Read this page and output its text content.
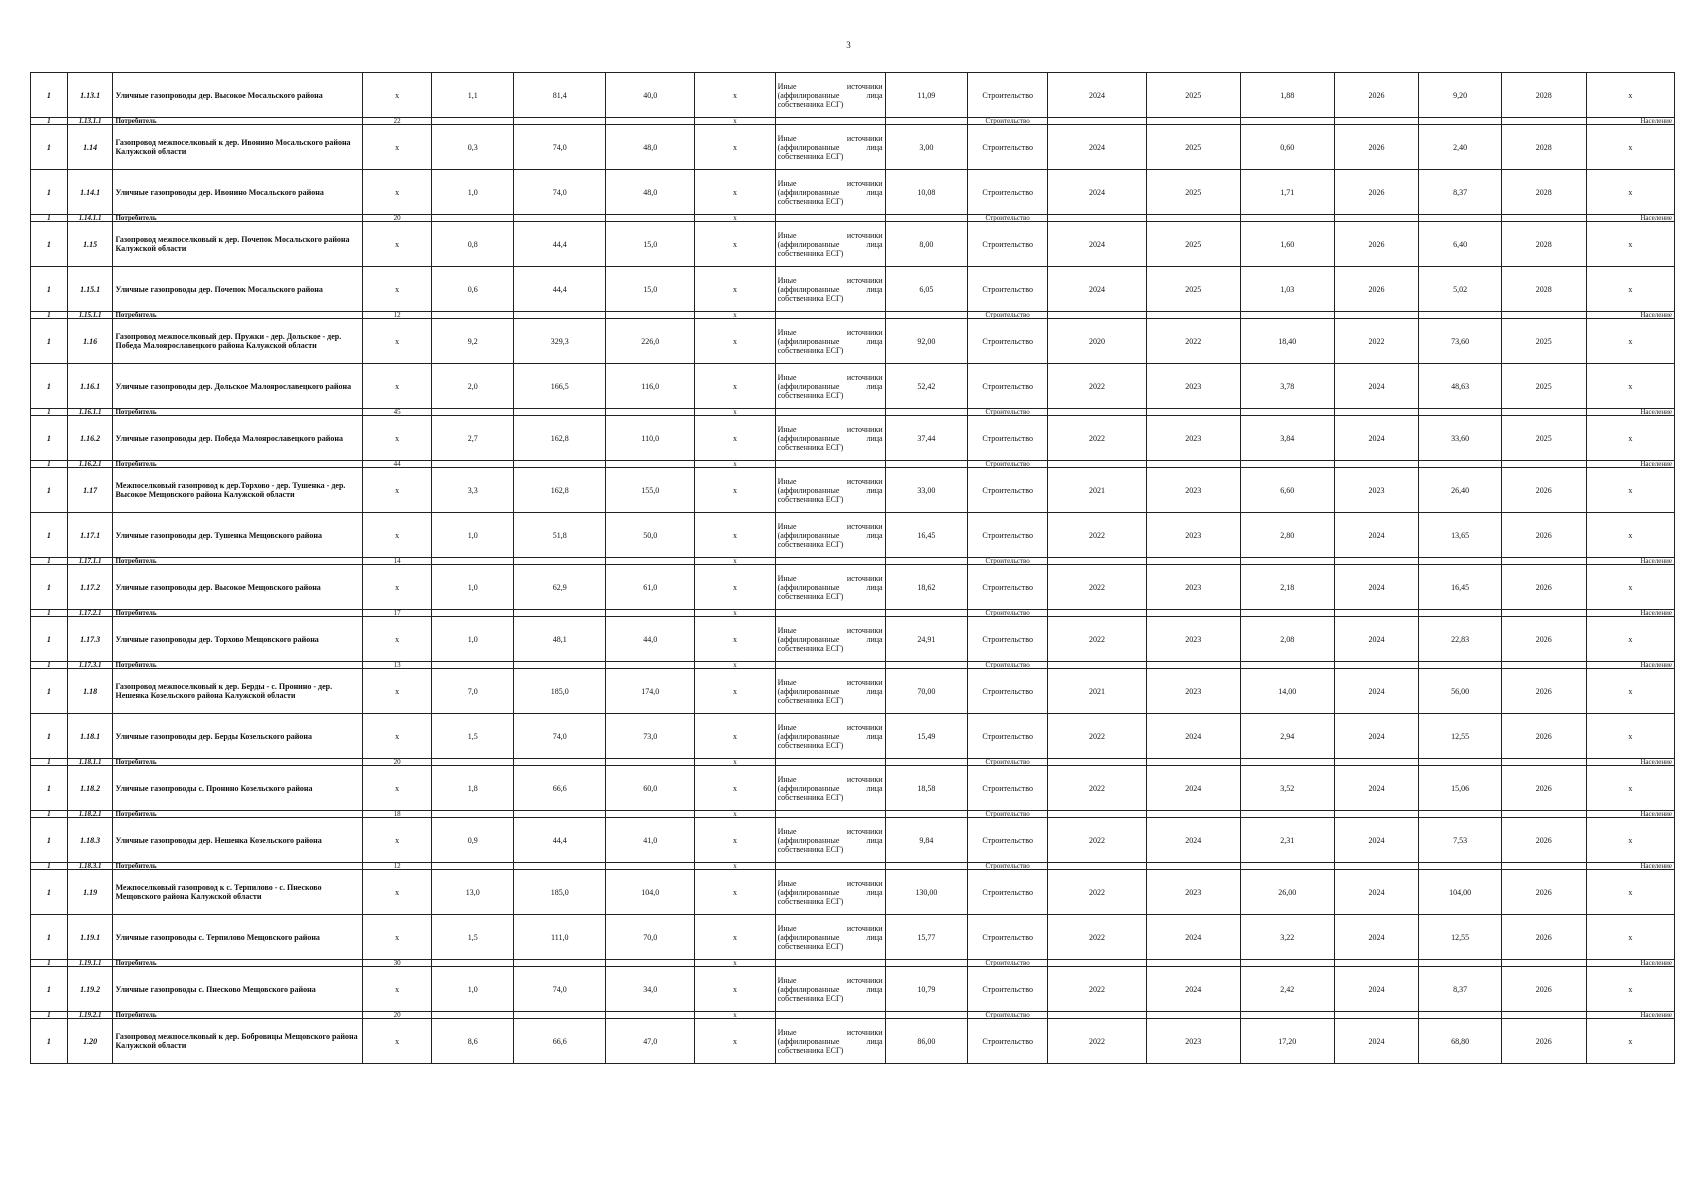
3
1	1.13.1	Уличные газопроводы дер. Высокое Мосальского района	x	1,1	81,4	40,0	x	Иные источники (аффилированные лица собственника ЕСГ)	11,09	Строительство	2024	2025	1,88	2026	9,20	2028	x
1	1.13.1.1	Потребитель	22				x			Строительство							Население
1	1.14	Газопровод межпоселковый к дер. Ивонино Мосальского района Калужской области	x	0,3	74,0	48,0	x	Иные источники (аффилированные лица собственника ЕСГ)	3,00	Строительство	2024	2025	0,60	2026	2,40	2028	x
1	1.14.1	Уличные газопроводы дер. Ивонино Мосальского района	x	1,0	74,0	48,0	x	Иные источники (аффилированные лица собственника ЕСГ)	10,08	Строительство	2024	2025	1,71	2026	8,37	2028	x
1	1.14.1.1	Потребитель	20				x			Строительство							Население
1	1.15	Газопровод межпоселковый к дер. Почепок Мосальского района Калужской области	x	0,8	44,4	15,0	x	Иные источники (аффилированные лица собственника ЕСГ)	8,00	Строительство	2024	2025	1,60	2026	6,40	2028	x
1	1.15.1	Уличные газопроводы дер. Почепок Мосальского района	x	0,6	44,4	15,0	x	Иные источники (аффилированные лица собственника ЕСГ)	6,05	Строительство	2024	2025	1,03	2026	5,02	2028	x
1	1.15.1.1	Потребитель	12				x			Строительство							Население
1	1.16	Газопровод межпоселковый дер. Пружки - дер. Дольское - дер. Победа Малоярославецкого района Калужской области	x	9,2	329,3	226,0	x	Иные источники (аффилированные лица собственника ЕСГ)	92,00	Строительство	2020	2022	18,40	2022	73,60	2025	x
1	1.16.1	Уличные газопроводы дер. Дольское Малоярославецкого района	x	2,0	166,5	116,0	x	Иные источники (аффилированные лица собственника ЕСГ)	52,42	Строительство	2022	2023	3,78	2024	48,63	2025	x
1	1.16.1.1	Потребитель	45				x			Строительство							Население
1	1.16.2	Уличные газопроводы дер. Победа Малоярославецкого района	x	2,7	162,8	110,0	x	Иные источники (аффилированные лица собственника ЕСГ)	37,44	Строительство	2022	2023	3,84	2024	33,60	2025	x
1	1.16.2.1	Потребитель	44				x			Строительство							Население
1	1.17	Межпоселковый газопровод к дер.Торхово - дер. Тушенка - дер. Высокое Мещовского района Калужской области	x	3,3	162,8	155,0	x	Иные источники (аффилированные лица собственника ЕСГ)	33,00	Строительство	2021	2023	6,60	2023	26,40	2026	x
1	1.17.1	Уличные газопроводы дер. Тушенка Мещовского района	x	1,0	51,8	50,0	x	Иные источники (аффилированные лица собственника ЕСГ)	16,45	Строительство	2022	2023	2,80	2024	13,65	2026	x
1	1.17.1.1	Потребитель	14				x			Строительство							Население
1	1.17.2	Уличные газопроводы дер. Высокое Мещовского района	x	1,0	62,9	61,0	x	Иные источники (аффилированные лица собственника ЕСГ)	18,62	Строительство	2022	2023	2,18	2024	16,45	2026	x
1	1.17.2.1	Потребитель	17				x			Строительство							Население
1	1.17.3	Уличные газопроводы дер. Торхово Мещовского района	x	1,0	48,1	44,0	x	Иные источники (аффилированные лица собственника ЕСГ)	24,91	Строительство	2022	2023	2,08	2024	22,83	2026	x
1	1.17.3.1	Потребитель	13				x			Строительство							Население
1	1.18	Газопровод межпоселковый к дер. Берды - с. Пронино - дер. Нешенка Козельского района Калужской области	x	7,0	185,0	174,0	x	Иные источники (аффилированные лица собственника ЕСГ)	70,00	Строительство	2021	2023	14,00	2024	56,00	2026	x
1	1.18.1	Уличные газопроводы дер. Берды Козельского района	x	1,5	74,0	73,0	x	Иные источники (аффилированные лица собственника ЕСГ)	15,49	Строительство	2022	2024	2,94	2024	12,55	2026	x
1	1.18.1.1	Потребитель	20				x			Строительство							Население
1	1.18.2	Уличные газопроводы с. Пронино Козельского района	x	1,8	66,6	60,0	x	Иные источники (аффилированные лица собственника ЕСГ)	18,58	Строительство	2022	2024	3,52	2024	15,06	2026	x
1	1.18.2.1	Потребитель	18				x			Строительство							Население
1	1.18.3	Уличные газопроводы дер. Нешенка Козельского района	x	0,9	44,4	41,0	x	Иные источники (аффилированные лица собственника ЕСГ)	9,84	Строительство	2022	2024	2,31	2024	7,53	2026	x
1	1.18.3.1	Потребитель	12				x			Строительство							Население
1	1.19	Межпоселковый газопровод к с. Терпилово - с. Пнесково Мещовского района Калужской области	x	13,0	185,0	104,0	x	Иные источники (аффилированные лица собственника ЕСГ)	130,00	Строительство	2022	2023	26,00	2024	104,00	2026	x
1	1.19.1	Уличные газопроводы с. Терпилово Мещовского района	x	1,5	111,0	70,0	x	Иные источники (аффилированные лица собственника ЕСГ)	15,77	Строительство	2022	2024	3,22	2024	12,55	2026	x
1	1.19.1.1	Потребитель	30				x			Строительство							Население
1	1.19.2	Уличные газопроводы с. Пнесково Мещовского района	x	1,0	74,0	34,0	x	Иные источники (аффилированные лица собственника ЕСГ)	10,79	Строительство	2022	2024	2,42	2024	8,37	2026	x
1	1.19.2.1	Потребитель	20				x			Строительство							Население
1	1.20	Газопровод межпоселковый к дер. Бобровицы Мещовского района Калужской области	x	8,6	66,6	47,0	x	Иные источники (аффилированные лица собственника ЕСГ)	86,00	Строительство	2022	2023	17,20	2024	68,80	2026	x
